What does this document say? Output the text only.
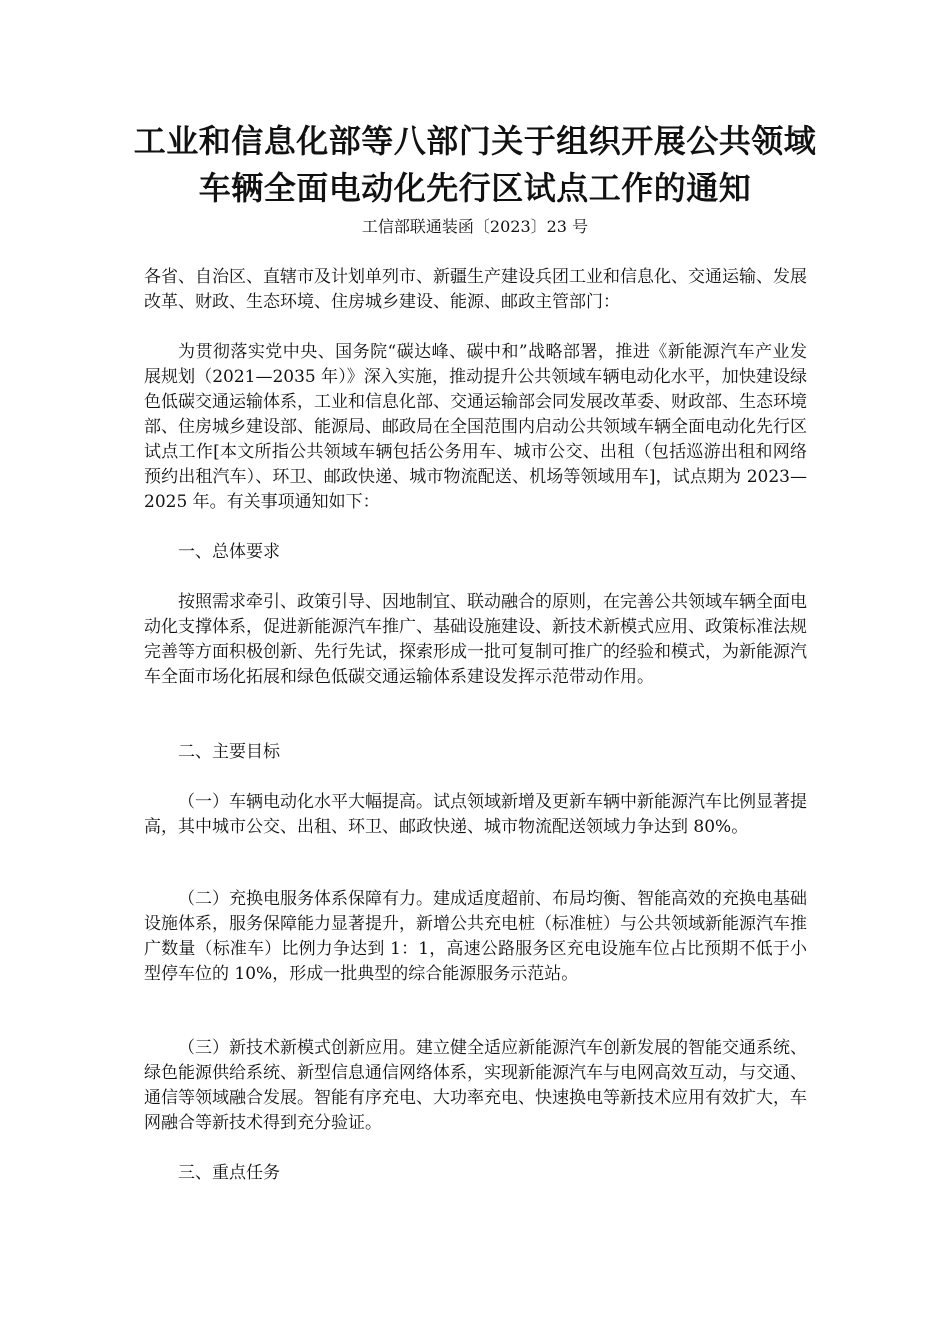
工业和信息化部等八部门关于组织开展公共领域
车辆全面电动化先行区试点工作的通知
工信部联通装函〔2023〕23 号
各省、自治区、直辖市及计划单列市、新疆生产建设兵团工业和信息化、交通运输、发展改革、财政、生态环境、住房城乡建设、能源、邮政主管部门：
为贯彻落实党中央、国务院“碳达峰、碳中和”战略部署，推进《新能源汽车产业发展规划（2021—2035 年）》深入实施，推动提升公共领域车辆电动化水平，加快建设绿色低碳交通运输体系，工业和信息化部、交通运输部会同发展改革委、财政部、生态环境部、住房城乡建设部、能源局、邮政局在全国范围内启动公共领域车辆全面电动化先行区试点工作[本文所指公共领域车辆包括公务用车、城市公交、出租（包括巡游出租和网络预约出租汽车）、环卫、邮政快递、城市物流配送、机场等领域用车]，试点期为 2023—2025 年。有关事项通知如下：
一、总体要求
按照需求牵引、政策引导、因地制宜、联动融合的原则，在完善公共领域车辆全面电动化支撑体系，促进新能源汽车推广、基础设施建设、新技术新模式应用、政策标准法规完善等方面积极创新、先行先试，探索形成一批可复制可推广的经验和模式，为新能源汽车全面市场化拓展和绿色低碳交通运输体系建设发挥示范带动作用。
二、主要目标
（一）车辆电动化水平大幅提高。试点领域新增及更新车辆中新能源汽车比例显著提高，其中城市公交、出租、环卫、邮政快递、城市物流配送领域力争达到 80%。
（二）充换电服务体系保障有力。建成适度超前、布局均衡、智能高效的充换电基础设施体系，服务保障能力显著提升，新增公共充电桩（标准桩）与公共领域新能源汽车推广数量（标准车）比例力争达到 1：1，高速公路服务区充电设施车位占比预期不低于小型停车位的 10%，形成一批典型的综合能源服务示范站。
（三）新技术新模式创新应用。建立健全适应新能源汽车创新发展的智能交通系统、绿色能源供给系统、新型信息通信网络体系，实现新能源汽车与电网高效互动，与交通、通信等领域融合发展。智能有序充电、大功率充电、快速换电等新技术应用有效扩大，车网融合等新技术得到充分验证。
三、重点任务
